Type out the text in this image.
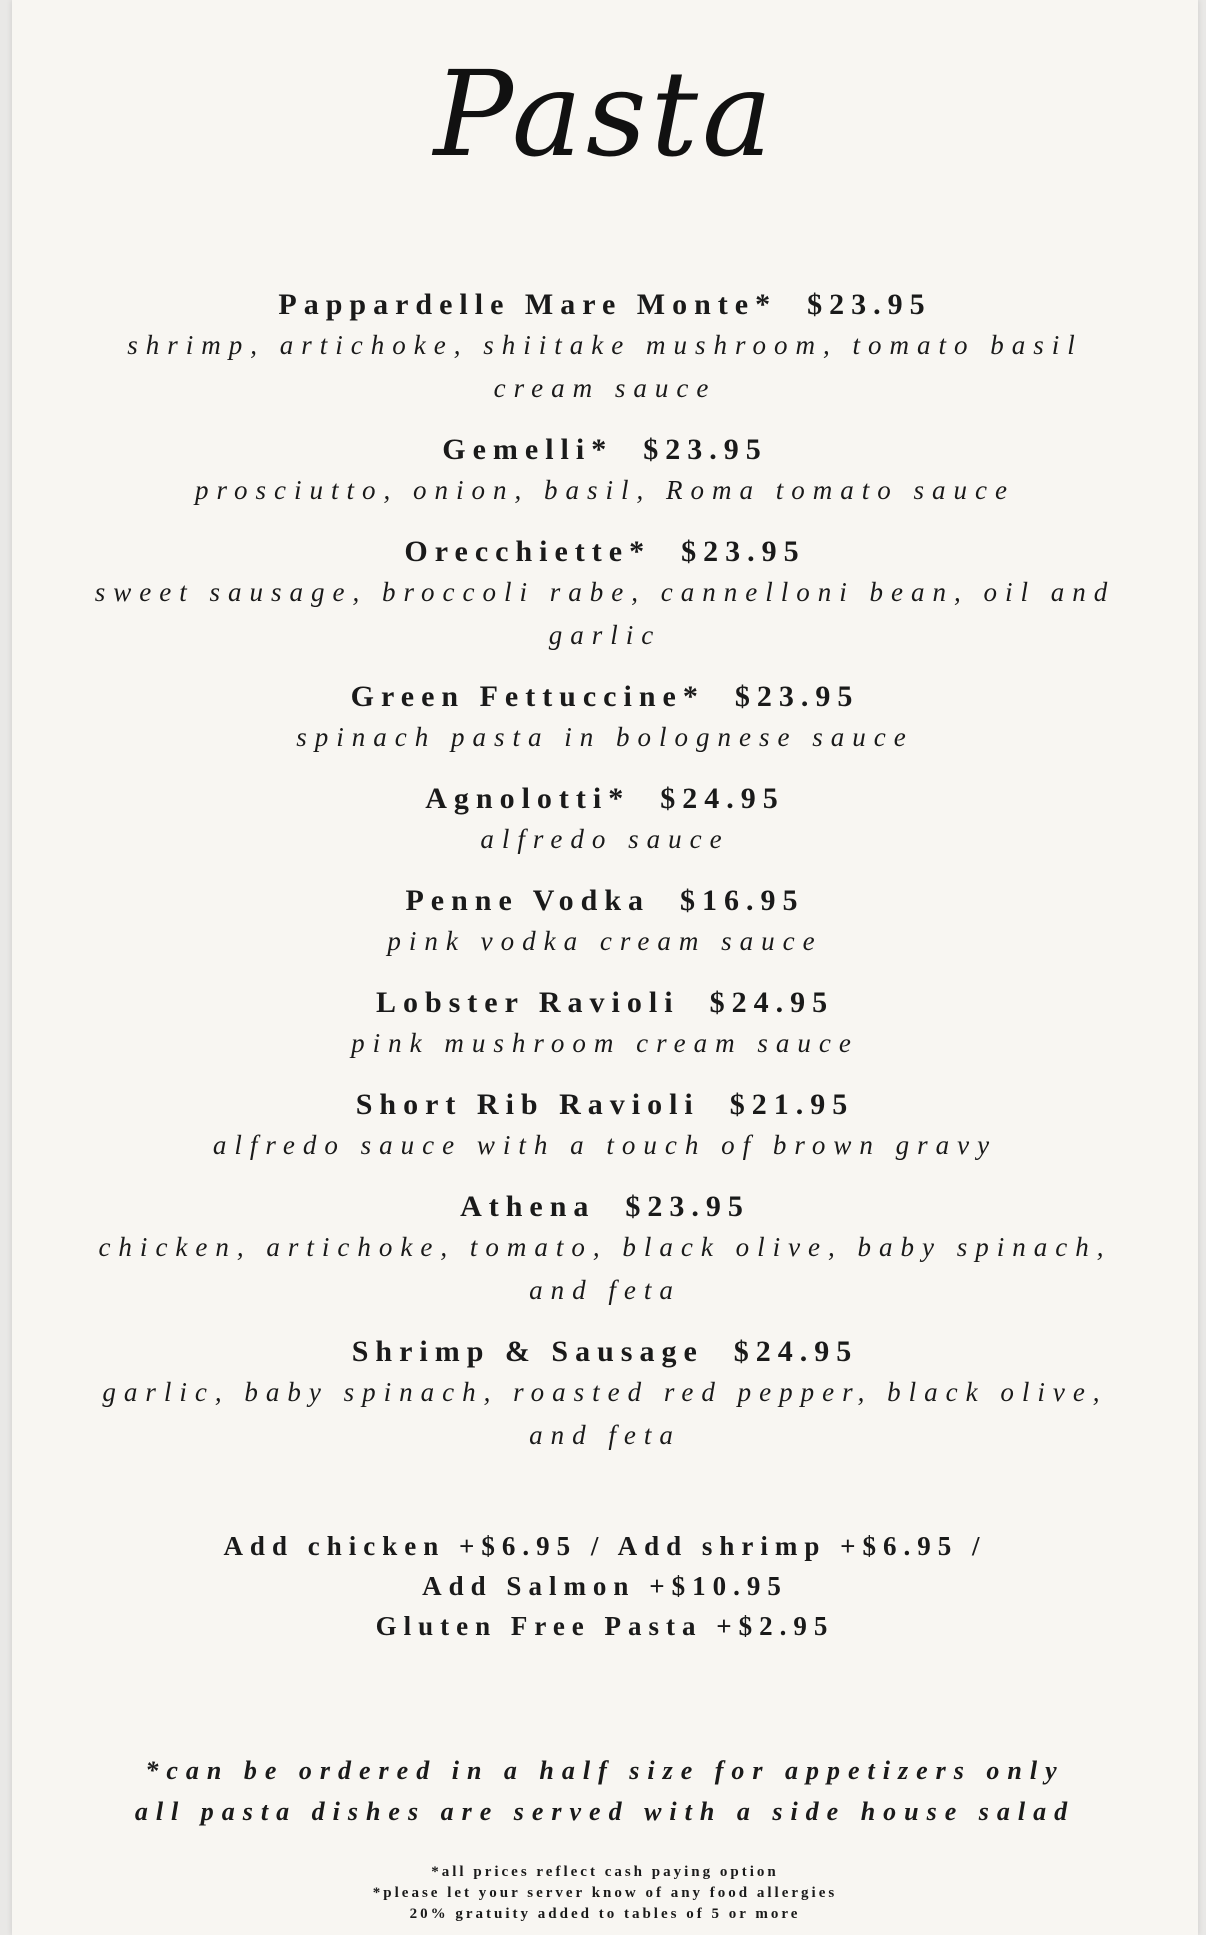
Pasta
Pappardelle Mare Monte* $23.95
shrimp, artichoke, shiitake mushroom, tomato basil cream sauce
Gemelli* $23.95
prosciutto, onion, basil, Roma tomato sauce
Orecchiette* $23.95
sweet sausage, broccoli rabe, cannelloni bean, oil and garlic
Green Fettuccine* $23.95
spinach pasta in bolognese sauce
Agnolotti* $24.95
alfredo sauce
Penne Vodka $16.95
pink vodka cream sauce
Lobster Ravioli $24.95
pink mushroom cream sauce
Short Rib Ravioli $21.95
alfredo sauce with a touch of brown gravy
Athena $23.95
chicken, artichoke, tomato, black olive, baby spinach, and feta
Shrimp & Sausage $24.95
garlic, baby spinach, roasted red pepper, black olive, and feta
Add chicken +$6.95 / Add shrimp +$6.95 /
Add Salmon +$10.95
Gluten Free Pasta +$2.95
*can be ordered in a half size for appetizers only
all pasta dishes are served with a side house salad
*all prices reflect cash paying option
*please let your server know of any food allergies
20% gratuity added to tables of 5 or more
